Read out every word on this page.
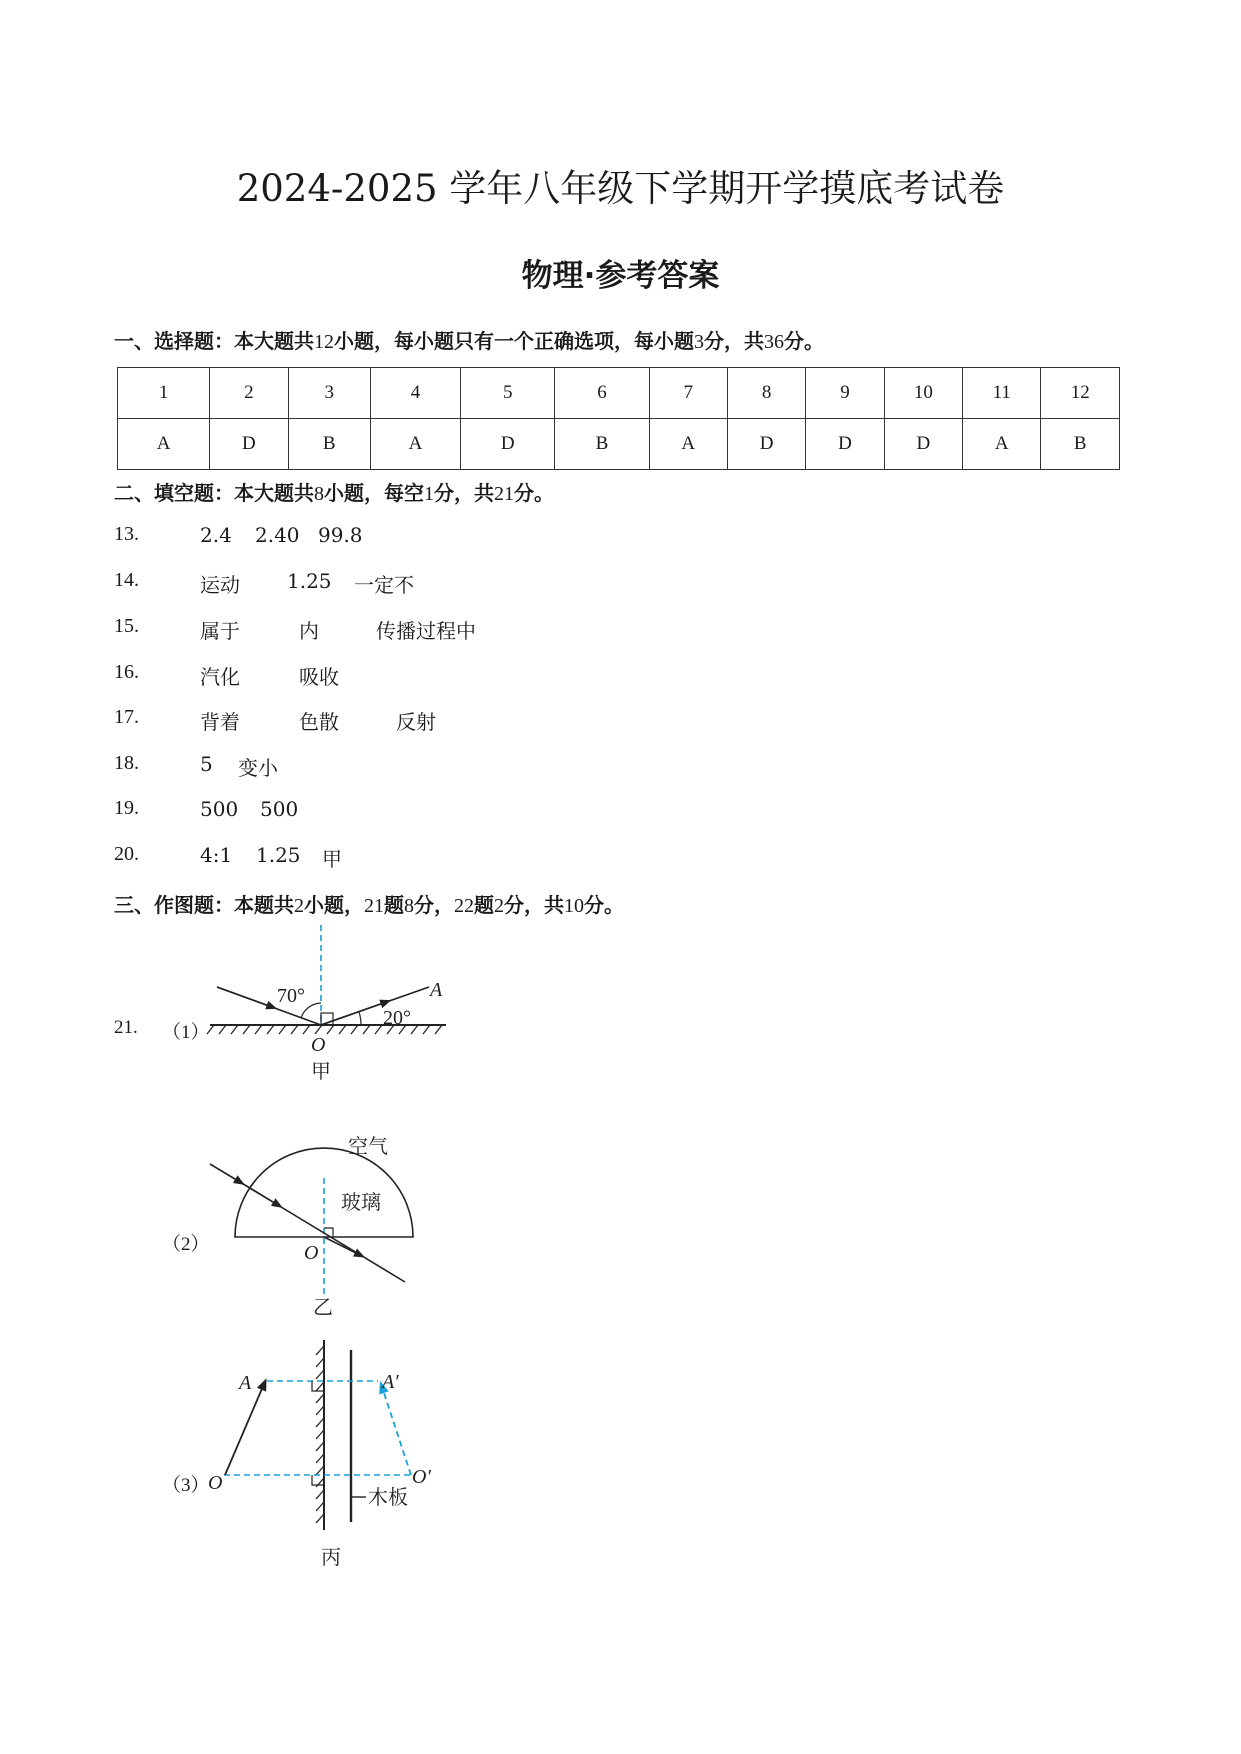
2024-2025 学年八年级下学期开学摸底考试卷
物理·参考答案
一、选择题：本大题共12小题，每小题只有一个正确选项，每小题3分，共36分。
1	2	3	4	5	6	7	8	9	10	11	12
A	D	B	A	D	B	A	D	D	D	A	B
二、填空题：本大题共8小题，每空1分，共21分。
13.	2.4 2.40 99.8
14.	运动 1.25 一定不
15.	属于	内	传播过程中
16.	汽化	吸收
17.	背着	色散	反射
18.	5 变小
19.	500 500
20.	4:1 1.25 甲
三、作图题：本题共2小题，21题8分，22题2分，共10分。
21. （1）
（2）
（3）
70°
20°
A
O
甲
空气
玻璃
O
乙
A	A′
O	O′
木板
丙
